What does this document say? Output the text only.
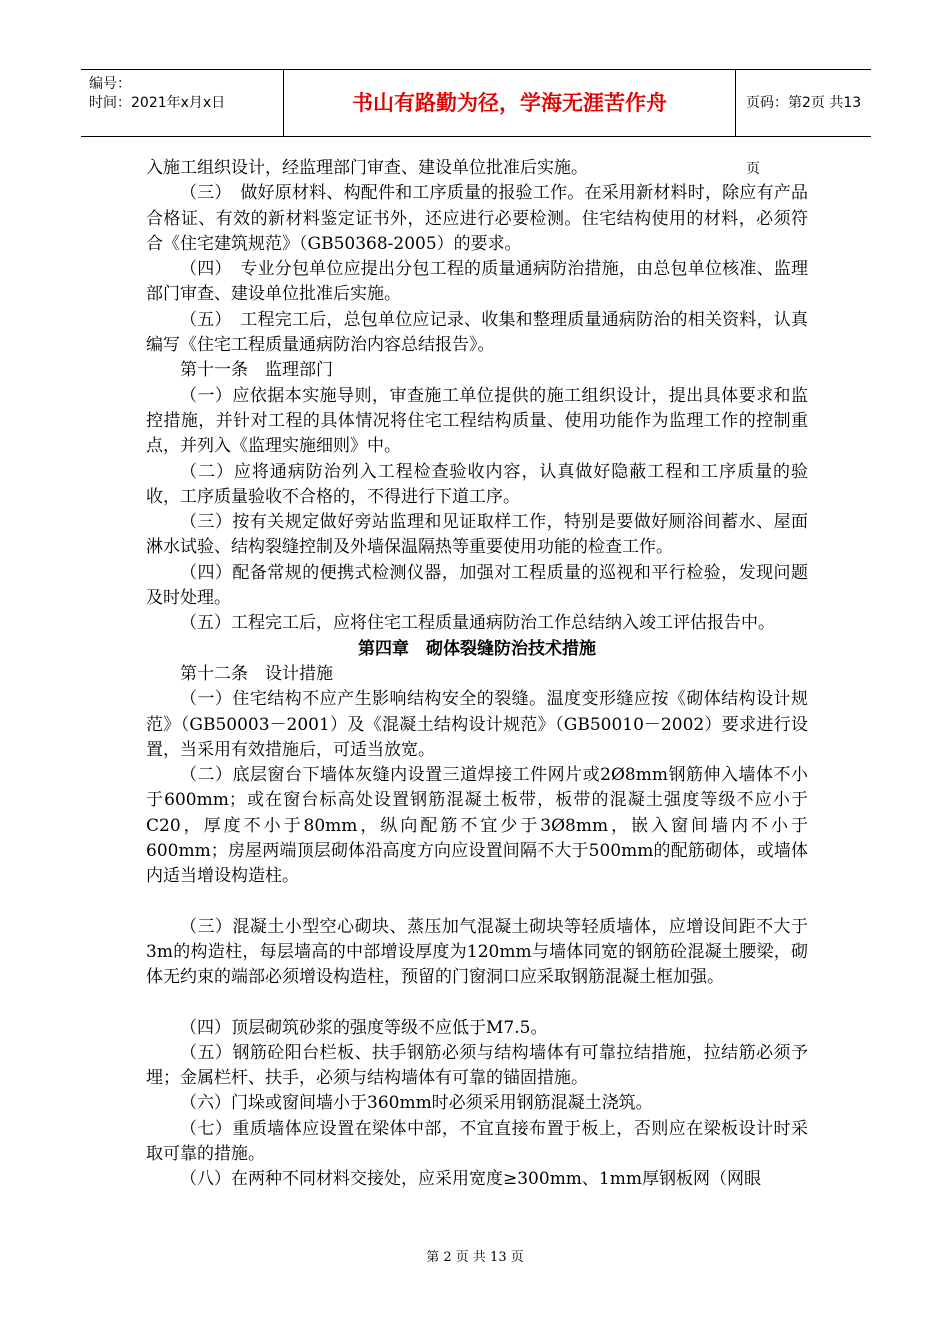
编号：
时间：2021年x月x日	书山有路勤为径，学海无涯苦作舟	页码：第2页 共13页

入施工组织设计，经监理部门审查、建设单位批准后实施。

（三）　做好原材料、构配件和工序质量的报验工作。在采用新材料时，除应有产品合格证、有效的新材料鉴定证书外，还应进行必要检测。住宅结构使用的材料，必须符合《住宅建筑规范》（GB50368-2005）的要求。

（四）　专业分包单位应提出分包工程的质量通病防治措施，由总包单位核准、监理部门审查、建设单位批准后实施。

（五）　工程完工后，总包单位应记录、收集和整理质量通病防治的相关资料，认真编写《住宅工程质量通病防治内容总结报告》。

第十一条　监理部门

（一）应依据本实施导则，审查施工单位提供的施工组织设计，提出具体要求和监控措施，并针对工程的具体情况将住宅工程结构质量、使用功能作为监理工作的控制重点，并列入《监理实施细则》中。

（二）应将通病防治列入工程检查验收内容，认真做好隐蔽工程和工序质量的验收，工序质量验收不合格的，不得进行下道工序。

（三）按有关规定做好旁站监理和见证取样工作，特别是要做好厕浴间蓄水、屋面淋水试验、结构裂缝控制及外墙保温隔热等重要使用功能的检查工作。

（四）配备常规的便携式检测仪器，加强对工程质量的巡视和平行检验，发现问题及时处理。

（五）工程完工后，应将住宅工程质量通病防治工作总结纳入竣工评估报告中。

第四章　砌体裂缝防治技术措施

第十二条　设计措施

（一）住宅结构不应产生影响结构安全的裂缝。温度变形缝应按《砌体结构设计规范》（GB50003－2001）及《混凝土结构设计规范》（GB50010－2002）要求进行设置，当采用有效措施后，可适当放宽。

（二）底层窗台下墙体灰缝内设置三道焊接工件网片或2Ø8mm钢筋伸入墙体不小于600mm；或在窗台标高处设置钢筋混凝土板带，板带的混凝土强度等级不应小于C20，厚度不小于80mm，纵向配筋不宜少于3Ø8mm，嵌入窗间墙内不小于600mm；房屋两端顶层砌体沿高度方向应设置间隔不大于500mm的配筋砌体，或墙体内适当增设构造柱。

（三）混凝土小型空心砌块、蒸压加气混凝土砌块等轻质墙体，应增设间距不大于3m的构造柱，每层墙高的中部增设厚度为120mm与墙体同宽的钢筋砼混凝土腰梁，砌体无约束的端部必须增设构造柱，预留的门窗洞口应采取钢筋混凝土框加强。

（四）顶层砌筑砂浆的强度等级不应低于M7.5。

（五）钢筋砼阳台栏板、扶手钢筋必须与结构墙体有可靠拉结措施，拉结筋必须予埋；金属栏杆、扶手，必须与结构墙体有可靠的锚固措施。

（六）门垛或窗间墙小于360mm时必须采用钢筋混凝土浇筑。

（七）重质墙体应设置在梁体中部，不宜直接布置于板上，否则应在梁板设计时采取可靠的措施。

（八）在两种不同材料交接处，应采用宽度≥300mm、1mm厚钢板网（网眼

第 2 页 共 13 页
